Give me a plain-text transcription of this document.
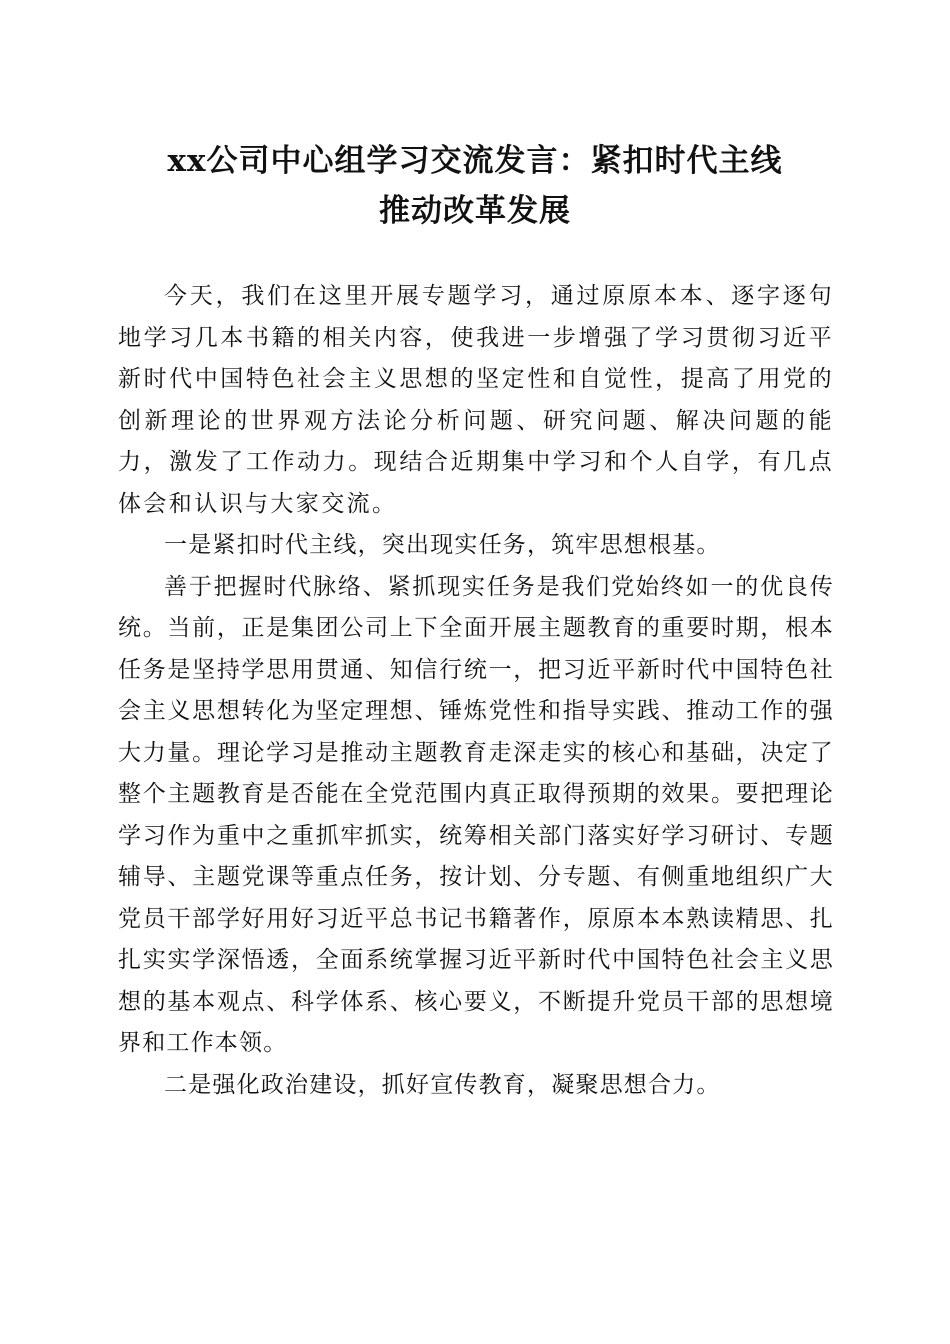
xx公司中心组学习交流发言：紧扣时代主线
推动改革发展

今天，我们在这里开展专题学习，通过原原本本、逐字逐句地学习几本书籍的相关内容，使我进一步增强了学习贯彻习近平新时代中国特色社会主义思想的坚定性和自觉性，提高了用党的创新理论的世界观方法论分析问题、研究问题、解决问题的能力，激发了工作动力。现结合近期集中学习和个人自学，有几点体会和认识与大家交流。

一是紧扣时代主线，突出现实任务，筑牢思想根基。

善于把握时代脉络、紧抓现实任务是我们党始终如一的优良传统。当前，正是集团公司上下全面开展主题教育的重要时期，根本任务是坚持学思用贯通、知信行统一，把习近平新时代中国特色社会主义思想转化为坚定理想、锤炼党性和指导实践、推动工作的强大力量。理论学习是推动主题教育走深走实的核心和基础，决定了整个主题教育是否能在全党范围内真正取得预期的效果。要把理论学习作为重中之重抓牢抓实，统筹相关部门落实好学习研讨、专题辅导、主题党课等重点任务，按计划、分专题、有侧重地组织广大党员干部学好用好习近平总书记书籍著作，原原本本熟读精思、扎扎实实学深悟透，全面系统掌握习近平新时代中国特色社会主义思想的基本观点、科学体系、核心要义，不断提升党员干部的思想境界和工作本领。

二是强化政治建设，抓好宣传教育，凝聚思想合力。
